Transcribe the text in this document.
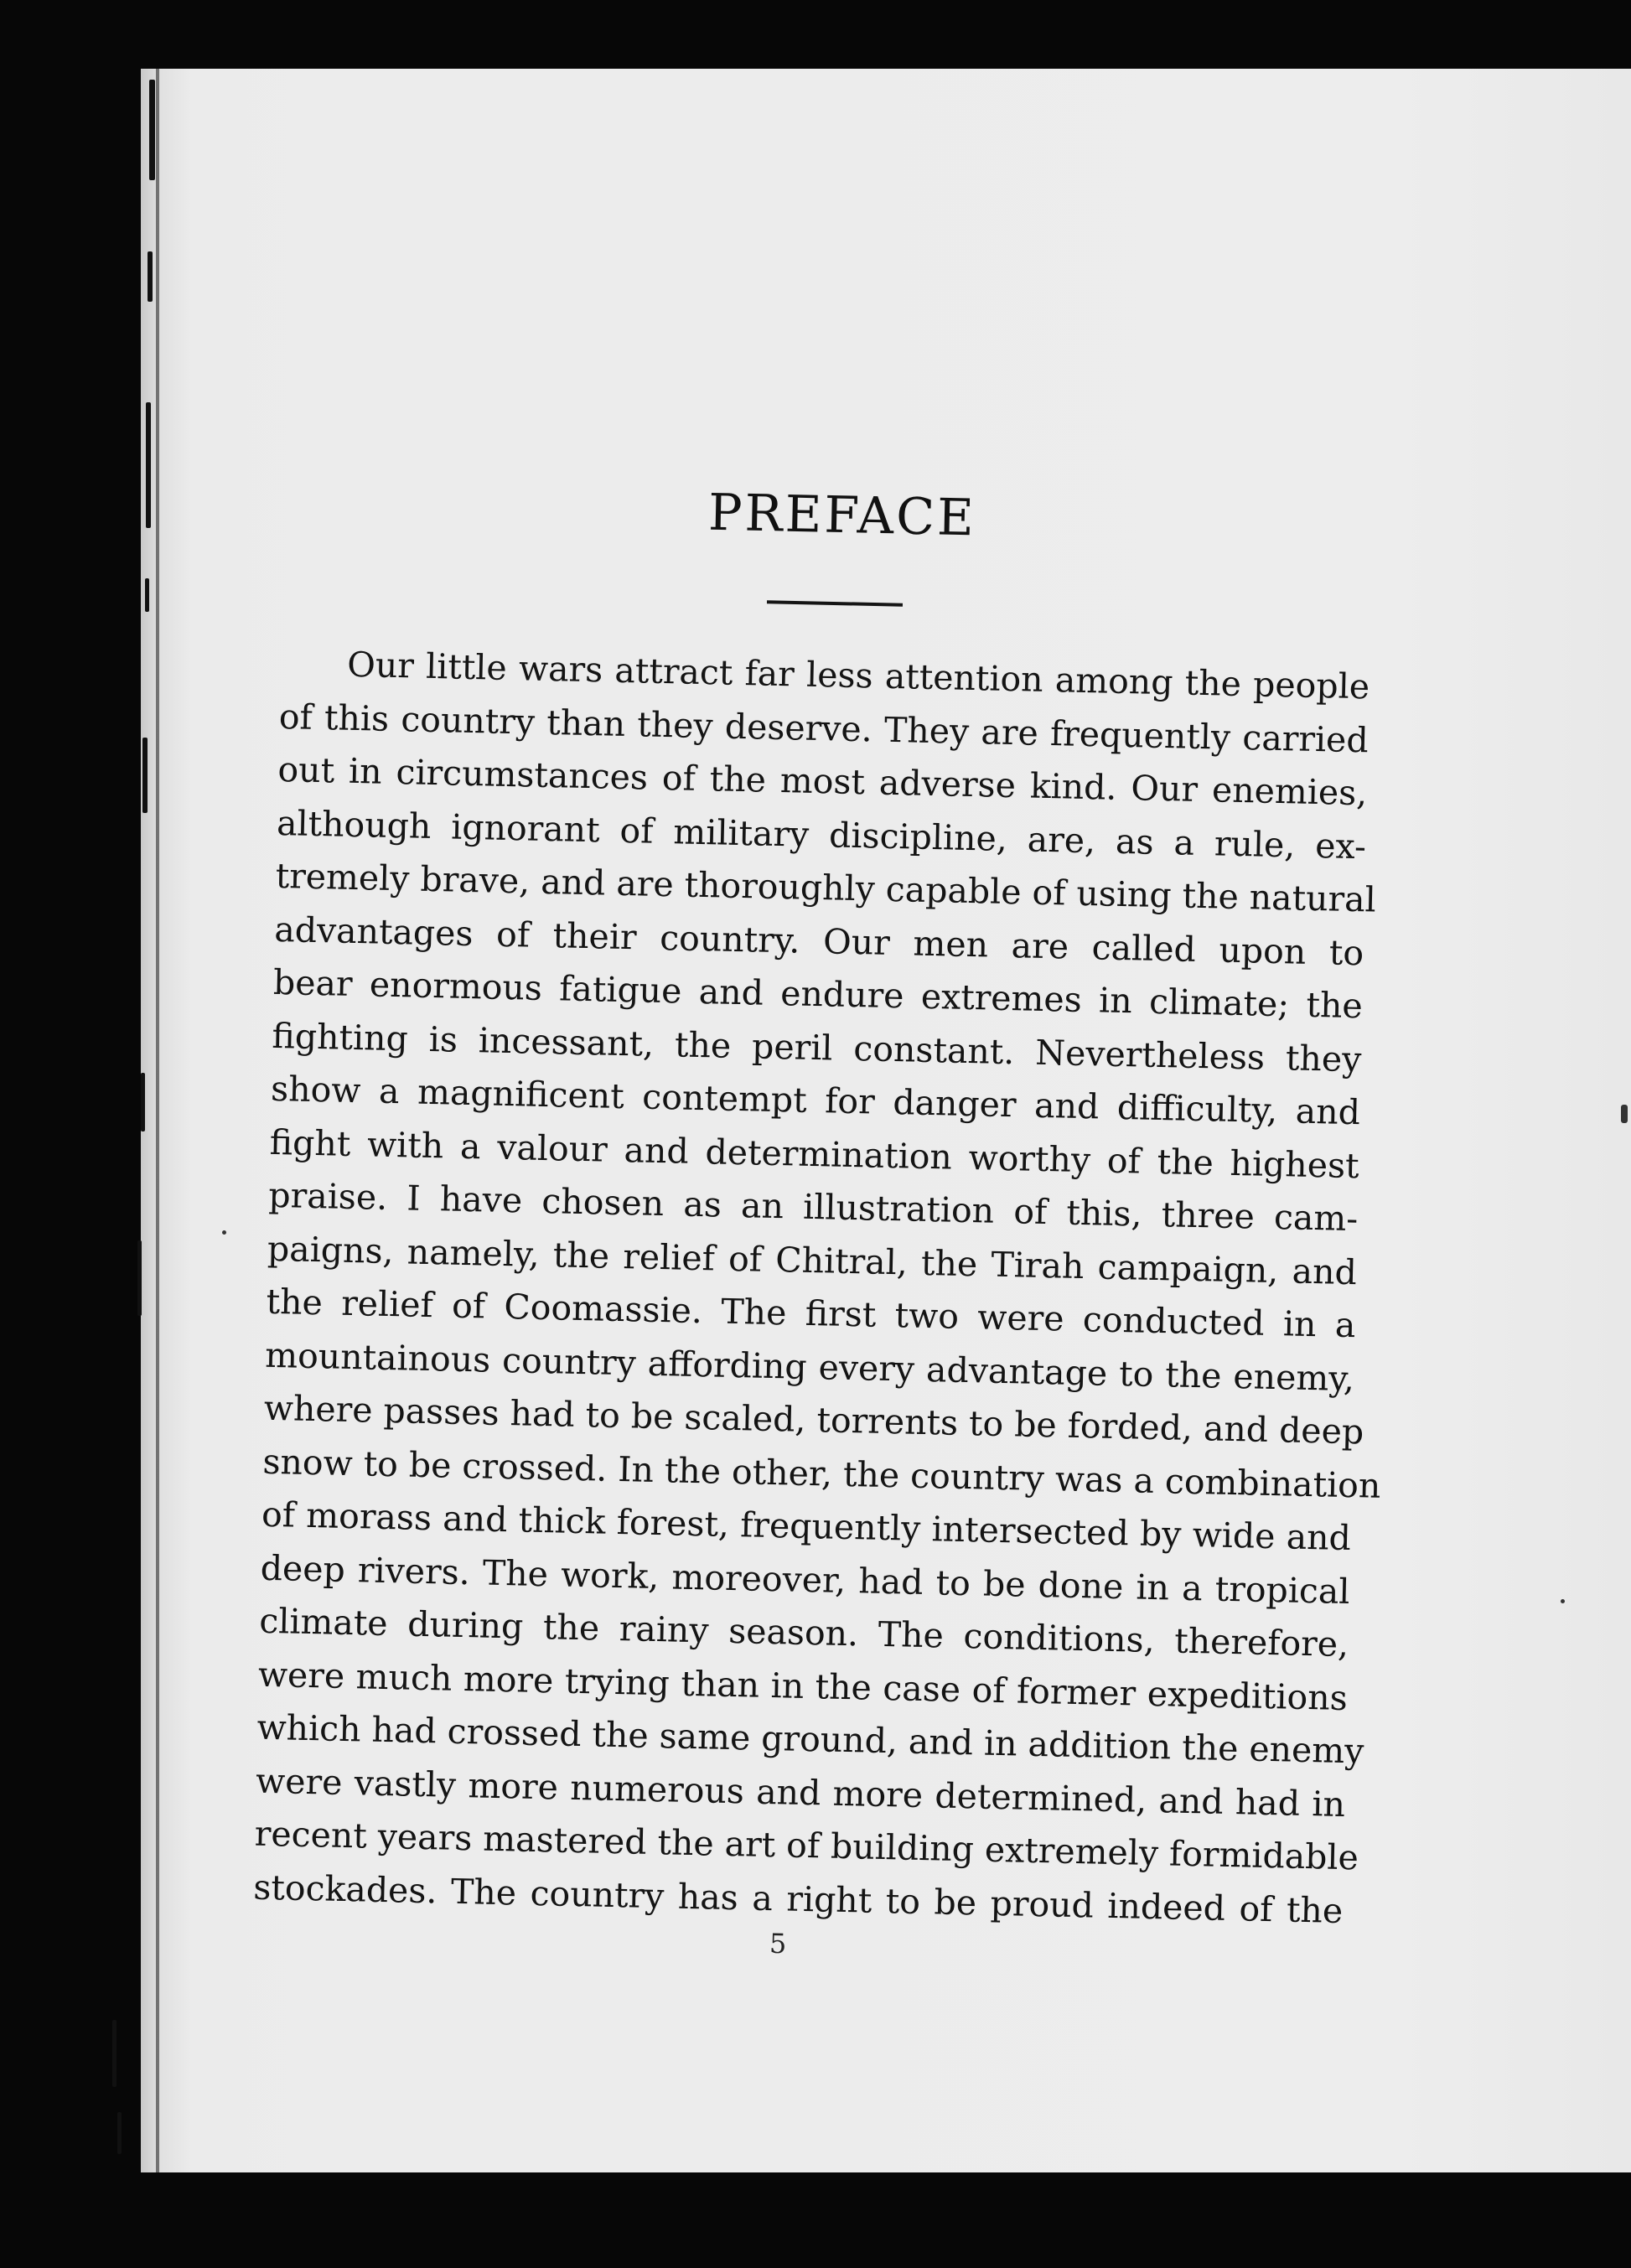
PREFACE
Our little wars attract far less attention among the people
of this country than they deserve. They are frequently carried
out in circumstances of the most adverse kind. Our enemies,
although ignorant of military discipline, are, as a rule, ex-
tremely brave, and are thoroughly capable of using the natural
advantages of their country. Our men are called upon to
bear enormous fatigue and endure extremes in climate; the
fighting is incessant, the peril constant. Nevertheless they
show a magnificent contempt for danger and difficulty, and
fight with a valour and determination worthy of the highest
praise. I have chosen as an illustration of this, three cam-
paigns, namely, the relief of Chitral, the Tirah campaign, and
the relief of Coomassie. The first two were conducted in a
mountainous country affording every advantage to the enemy,
where passes had to be scaled, torrents to be forded, and deep
snow to be crossed. In the other, the country was a combination
of morass and thick forest, frequently intersected by wide and
deep rivers. The work, moreover, had to be done in a tropical
climate during the rainy season. The conditions, therefore,
were much more trying than in the case of former expeditions
which had crossed the same ground, and in addition the enemy
were vastly more numerous and more determined, and had in
recent years mastered the art of building extremely formidable
stockades. The country has a right to be proud indeed of the
5
